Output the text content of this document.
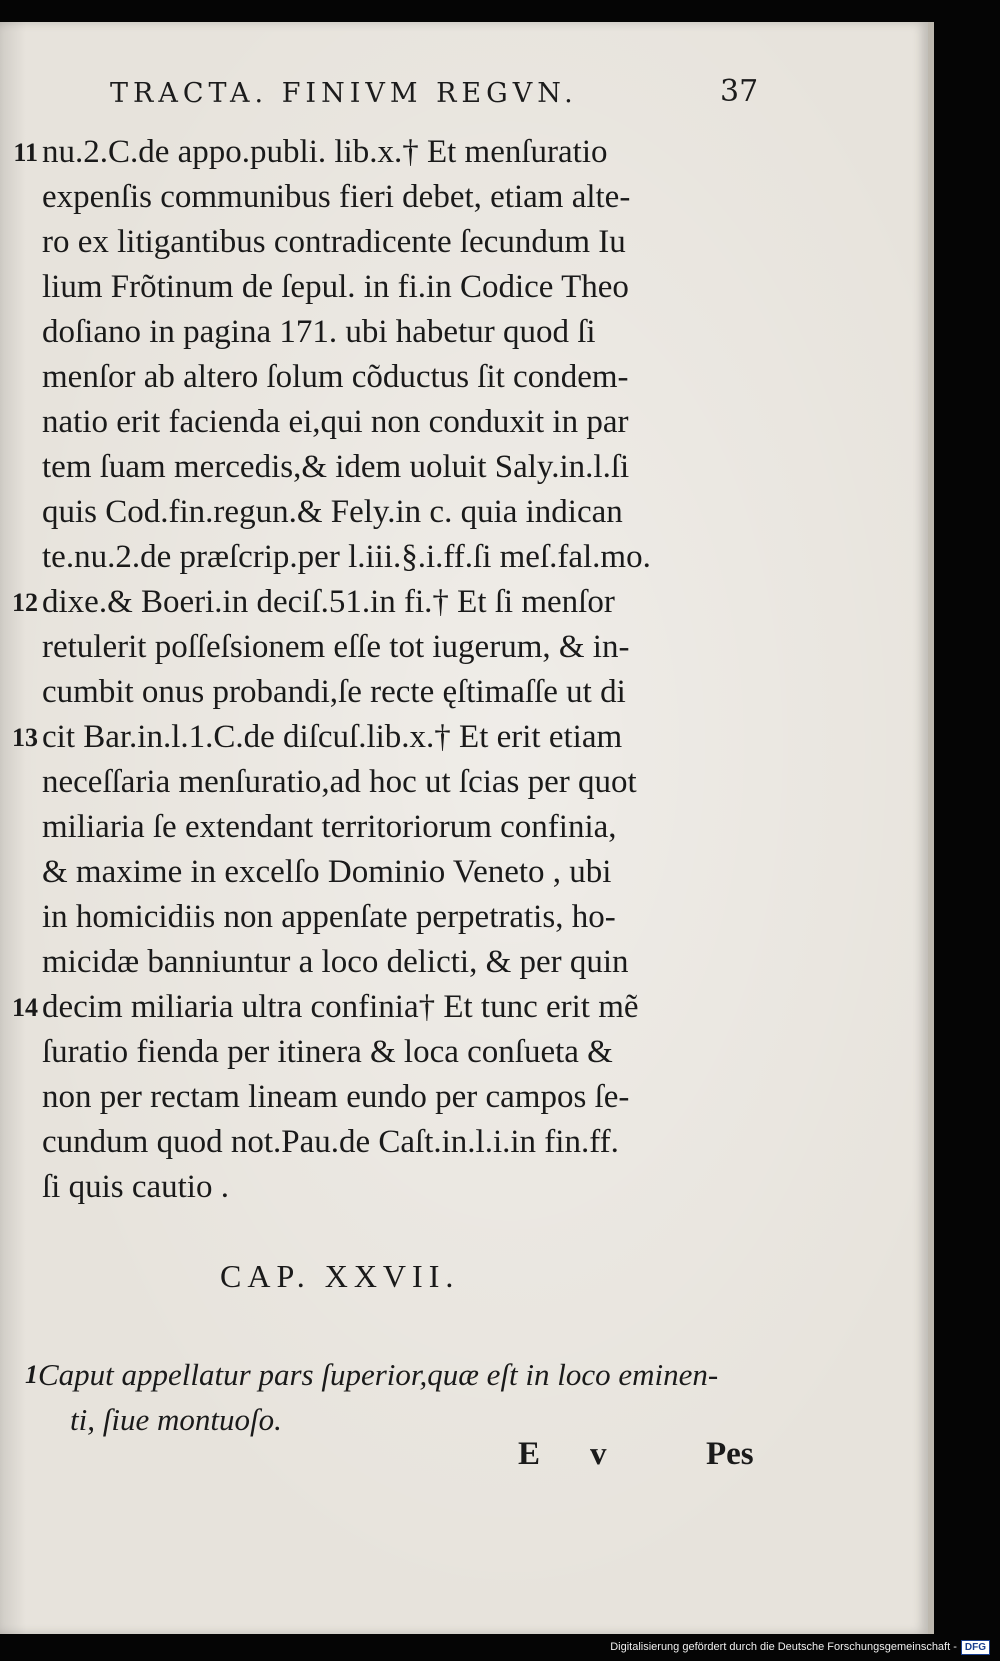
TRACTA. FINIVM REGVN.	37
11 nu.2.C.de appo.publi. lib.x.† Et menſuratio
expenſis communibus fieri debet, etiam alte-
ro ex litigantibus contradicente ſecundum Iu
lium Frõtinum de ſepul. in fi.in Codice Theo
doſiano in pagina 171. ubi habetur quod ſi
menſor ab altero ſolum cõductus ſit condem-
natio erit facienda ei,qui non conduxit in par
tem ſuam mercedis,& idem uoluit Saly.in.l.ſi
quis Cod.fin.regun.& Fely.in c. quia indican
te.nu.2.de præſcrip.per l.iii.§.i.ff.ſi meſ.fal.mo.
12 dixe.& Boeri.in deciſ.51.in fi.† Et ſi menſor
retulerit poſſeſsionem eſſe tot iugerum, & in-
cumbit onus probandi,ſe recte ęſtimaſſe ut di
13 cit Bar.in.l.1.C.de diſcuſ.lib.x.† Et erit etiam
neceſſaria menſuratio,ad hoc ut ſcias per quot
miliaria ſe extendant territoriorum confinia,
& maxime in excelſo Dominio Veneto , ubi
in homicidiis non appenſate perpetratis, ho-
micidæ banniuntur a loco delicti, & per quin
14 decim miliaria ultra confinia† Et tunc erit mẽ
ſuratio fienda per itinera & loca conſueta &
non per rectam lineam eundo per campos ſe-
cundum quod not.Pau.de Caſt.in.l.i.in fin.ff.
ſi quis cautio .
CAP. XXVII.
1 Caput appellatur pars ſuperior,quæ eſt in loco eminen-
ti, ſiue montuoſo.
E v	Pes
Digitalisierung gefördert durch die Deutsche Forschungsgemeinschaft - DFG
